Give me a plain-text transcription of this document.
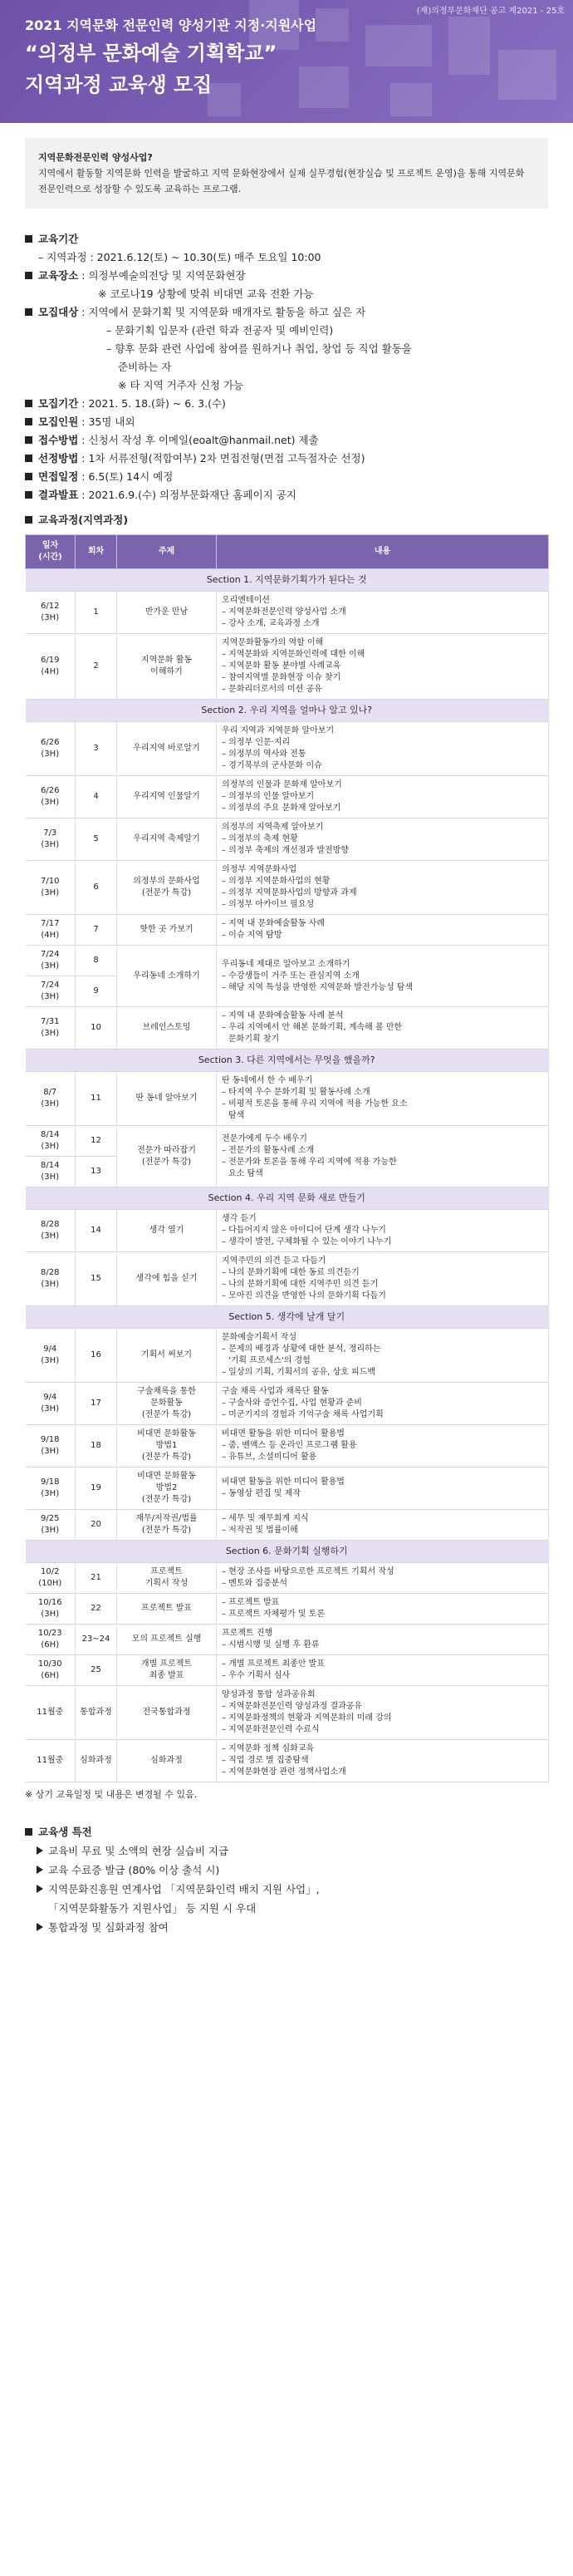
(재)의정부문화재단 공고 제2021 - 25호
2021 지역문화 전문인력 양성기관 지정·지원사업
“의정부 문화예술 기획학교”
지역과정 교육생 모집
지역문화전문인력 양성사업?
지역에서 활동할 지역문화 인력을 발굴하고 지역 문화현장에서 실제 실무경험(현장실습 및 프로젝트 운영)을 통해 지역문화 전문인력으로 성장할 수 있도록 교육하는 프로그램.
교육기간
– 지역과정 : 2021.6.12(토) ~ 10.30(토) 매주 토요일 10:00
교육장소 : 의정부예술의전당 및 지역문화현장
※ 코로나19 상황에 맞춰 비대면 교육 전환 가능
모집대상 : 지역에서 문화기획 및 지역문화 매개자로 활동을 하고 싶은 자
– 문화기획 입문자 (관련 학과 전공자 및 예비인력)
– 향후 문화 관련 사업에 참여를 원하거나 취업, 창업 등 직업 활동을
준비하는 자
※ 타 지역 거주자 신청 가능
모집기간 : 2021. 5. 18.(화) ~ 6. 3.(수)
모집인원 : 35명 내외
접수방법 : 신청서 작성 후 이메일(eoalt@hanmail.net) 제출
선정방법 : 1차 서류전형(적합여부) 2차 면접전형(면접 고득점자순 선정)
면접일정 : 6.5(토) 14시 예정
결과발표 : 2021.6.9.(수) 의정부문화재단 홈페이지 공지
교육과정(지역과정)
일자
(시간)	회차	주제	내용
Section 1. 지역문화기획가가 된다는 것			
6/12
(3H)	1	반가운 만남	오리엔테이션
– 지역문화전문인력 양성사업 소개
– 강사 소개, 교육과정 소개

6/19
(4H)	2	지역문화 활동
이해하기	지역문화활동가의 역할 이해
– 지역문화와 지역문화인력에 대한 이해
– 지역문화 활동 분야별 사례교육
– 참여지역별 문화현장 이슈 찾기
– 문화리더로서의 미션 공유

Section 2. 우리 지역을 얼마나 알고 있나?			
6/26
(3H)	3	우리지역 바로알기	우리 지역과 지역문화 알아보기
– 의정부 인문·지리
– 의정부의 역사와 전통
– 경기북부의 군사문화 이슈

6/26
(3H)	4	우리지역 인물알기	의정부의 인물과 문화재 알아보기
– 의정부의 인물 알아보기
– 의정부의 주요 문화재 알아보기

7/3
(3H)	5	우리지역 축제알기	의정부의 지역축제 알아보기
– 의정부의 축제 현황
– 의정부 축제의 개선점과 발전방향

7/10
(3H)	6	의정부의 문화사업
(전문가 특강)	의정부 지역문화사업
– 의정부 지역문화사업의 현황
– 의정부 지역문화사업의 방향과 과제
– 의정부 아카이브 필요성

7/17
(4H)	7	핫한 곳 가보기	– 지역 내 문화예술활동 사례
– 이슈 지역 탐방

7/24
(3H)	8	우리동네 소개하기	우리동네 제대로 알아보고 소개하기
– 수강생들이 거주 또는 관심지역 소개
– 해당 지역 특성을 반영한 지역문화 발전가능성 탐색

7/24
(3H)	9		
7/31
(3H)	10	브레인스토밍	– 지역 내 문화예술활동 사례 분석
– 우리 지역에서 안 해본 문화기획, 계속해 볼 만한
문화기획 찾기

Section 3. 다른 지역에서는 무엇을 했을까?			
8/7
(3H)	11	딴 동네 알아보기	딴 동네에서 한 수 배우기
– 타지역 우수 문화기획 및 활동사례 소개
– 비평적 토론을 통해 우리 지역에 적용 가능한 요소
탐색

8/14
(3H)	12	전문가 따라잡기
(전문가 특강)	전문가에게 두수 배우기
– 전문가의 활동사례 소개
– 전문가와 토론을 통해 우리 지역에 적용 가능한
요소 탐색

8/14
(3H)	13		
Section 4. 우리 지역 문화 새로 만들기			
8/28
(3H)	14	생각 열기	생각 듣기
– 다듬어지지 않은 아이디어 단계 생각 나누기
– 생각이 발전, 구체화될 수 있는 이야기 나누기

8/28
(3H)	15	생각에 힘을 싣기	지역주민의 의견 듣고 다듬기
– 나의 문화기획에 대한 동료 의견듣기
– 나의 문화기획에 대한 지역주민 의견 듣기
– 모아진 의견을 반영한 나의 문화기획 다듬기

Section 5. 생각에 날개 달기			
9/4
(3H)	16	기획서 써보기	문화예술기획서 작성
– 문제의 배경과 상황에 대한 분석, 정리하는
'기획 프로세스'의 경험
– 일상의 기획, 기획서의 공유, 상호 피드백

9/4
(3H)	17	구술채록을 통한
문화활동
(전문가 특강)	구술 채록 사업과 채록단 활동
– 구술사와 증언수집, 사업 현황과 준비
– 미군기지의 경험과 기억구술 채록 사업기획

9/18
(3H)	18	비대면 문화활동
방법1
(전문가 특강)	비대면 활동을 위한 미디어 활용법
– 줌, 밴액스 등 온라인 프로그램 활용
– 유튜브, 소셜미디어 활용

9/18
(3H)	19	비대면 문화활동
방법2
(전문가 특강)	비대면 활동을 위한 미디어 활용법
– 동영상 편집 및 제작

9/25
(3H)	20	재무/저작권/법률
(전문가 특강)	– 세무 및 재무회계 지식
– 저작권 및 법률이해

Section 6. 문화기획 실행하기			
10/2
(10H)	21	프로젝트
기획서 작성	– 현장 조사를 바탕으로한 프로젝트 기획서 작성
– 멘토와 집중분석

10/16
(3H)	22	프로젝트 발표	– 프로젝트 발표
– 프로젝트 자체평가 및 토론

10/23
(6H)	23~24	모의 프로젝트 실행	프로젝트 진행
– 시범시행 및 실행 후 환류

10/30
(6H)	25	개별 프로젝트
최종 발표	– 개별 프로젝트 최종안 발표
– 우수 기획서 심사

11월중	통합과정	전국통합과정	양성과정 통합 성과공유회
– 지역문화전문인력 양성과정 결과공유
– 지역문화정책의 현황과 지역문화의 미래 강의
– 지역문화전문인력 수료식

11월중	심화과정	심화과정	– 지역문화 정책 심화교육
– 직업 경로 별 집중탐색
– 지역문화현장 관련 정책사업소개
※ 상기 교육일정 및 내용은 변경될 수 있음.
교육생 특전
교육비 무료 및 소액의 현장 실습비 지급
교육 수료증 발급 (80% 이상 출석 시)
지역문화진흥원 연계사업 「지역문화인력 배치 지원 사업」,
「지역문화활동가 지원사업」 등 지원 시 우대
통합과정 및 심화과정 참여
